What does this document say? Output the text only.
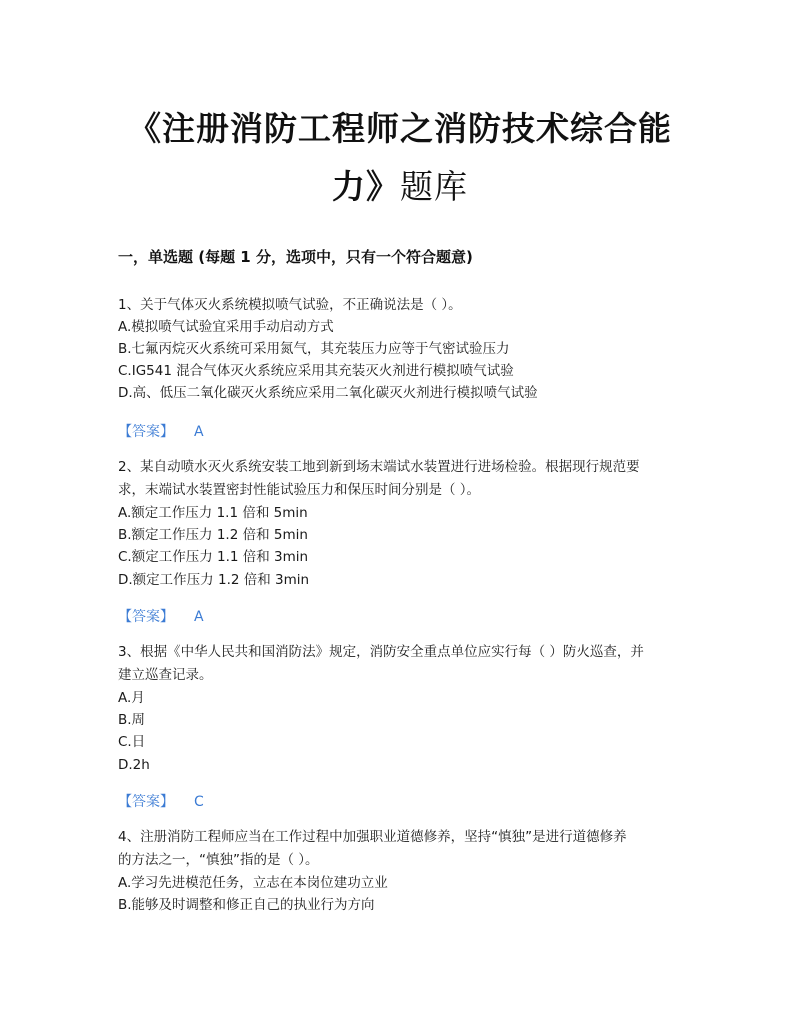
《注册消防工程师之消防技术综合能
力》题库
一，单选题 (每题 1 分，选项中，只有一个符合题意)
1、关于气体灭火系统模拟喷气试验，不正确说法是（ ）。
A.模拟喷气试验宜采用手动启动方式
B.七氟丙烷灭火系统可采用氮气，其充装压力应等于气密试验压力
C.IG541 混合气体灭火系统应采用其充装灭火剂进行模拟喷气试验
D.高、低压二氧化碳灭火系统应采用二氧化碳灭火剂进行模拟喷气试验
【答案】 A
2、某自动喷水灭火系统安装工地到新到场末端试水装置进行进场检验。根据现行规范要
求，末端试水装置密封性能试验压力和保压时间分别是（ ）。
A.额定工作压力 1.1 倍和 5min
B.额定工作压力 1.2 倍和 5min
C.额定工作压力 1.1 倍和 3min
D.额定工作压力 1.2 倍和 3min
【答案】 A
3、根据《中华人民共和国消防法》规定，消防安全重点单位应实行每（ ）防火巡查，并
建立巡查记录。
A.月
B.周
C.日
D.2h
【答案】 C
4、注册消防工程师应当在工作过程中加强职业道德修养，坚持“慎独”是进行道德修养
的方法之一，“慎独”指的是（ ）。
A.学习先进模范任务，立志在本岗位建功立业
B.能够及时调整和修正自己的执业行为方向
